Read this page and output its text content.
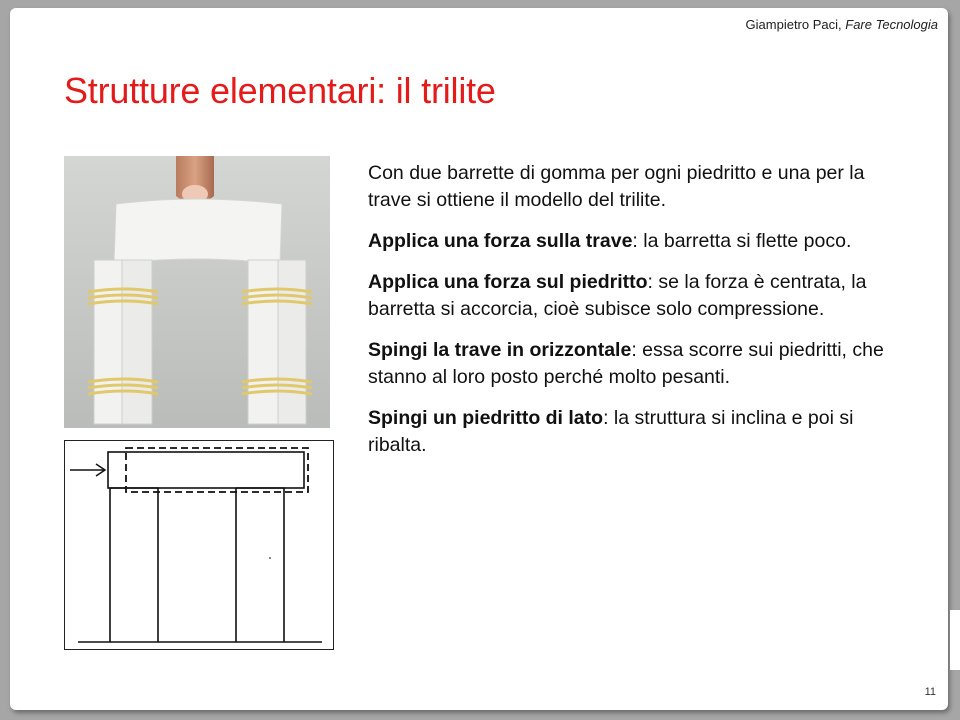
Giampietro Paci, Fare Tecnologia
Strutture elementari: il trilite

Con due barrette di gomma per ogni piedritto e una per la trave si ottiene il modello del trilite.

Applica una forza sulla trave: la barretta si flette poco.

Applica una forza sul piedritto: se la forza è centrata, la barretta si accorcia, cioè subisce solo compressione.

Spingi la trave in orizzontale: essa scorre sui piedritti, che stanno al loro posto perché molto pesanti.

Spingi un piedritto di lato: la struttura si inclina e poi si ribalta.

11
